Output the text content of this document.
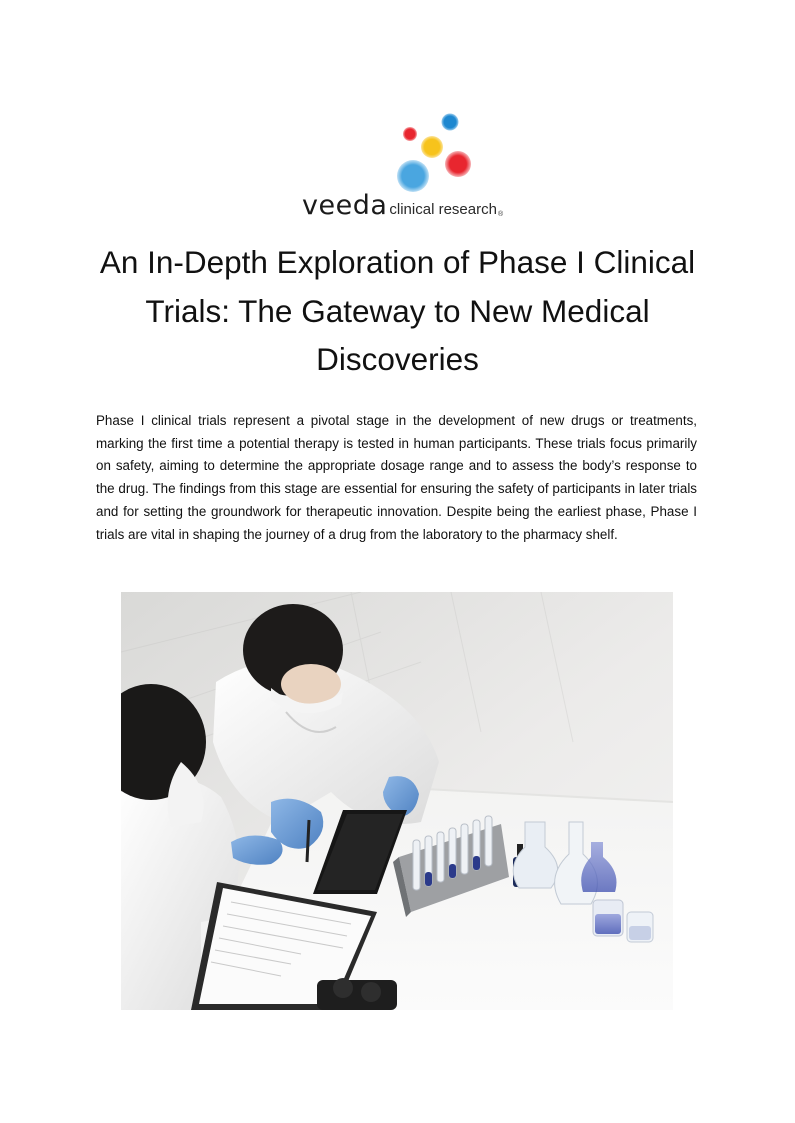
veeda clinical research®
An In-Depth Exploration of Phase I Clinical Trials: The Gateway to New Medical Discoveries

Phase I clinical trials represent a pivotal stage in the development of new drugs or treatments, marking the first time a potential therapy is tested in human participants. These trials focus primarily on safety, aiming to determine the appropriate dosage range and to assess the body’s response to the drug. The findings from this stage are essential for ensuring the safety of participants in later trials and for setting the groundwork for therapeutic innovation. Despite being the earliest phase, Phase I trials are vital in shaping the journey of a drug from the laboratory to the pharmacy shelf.
